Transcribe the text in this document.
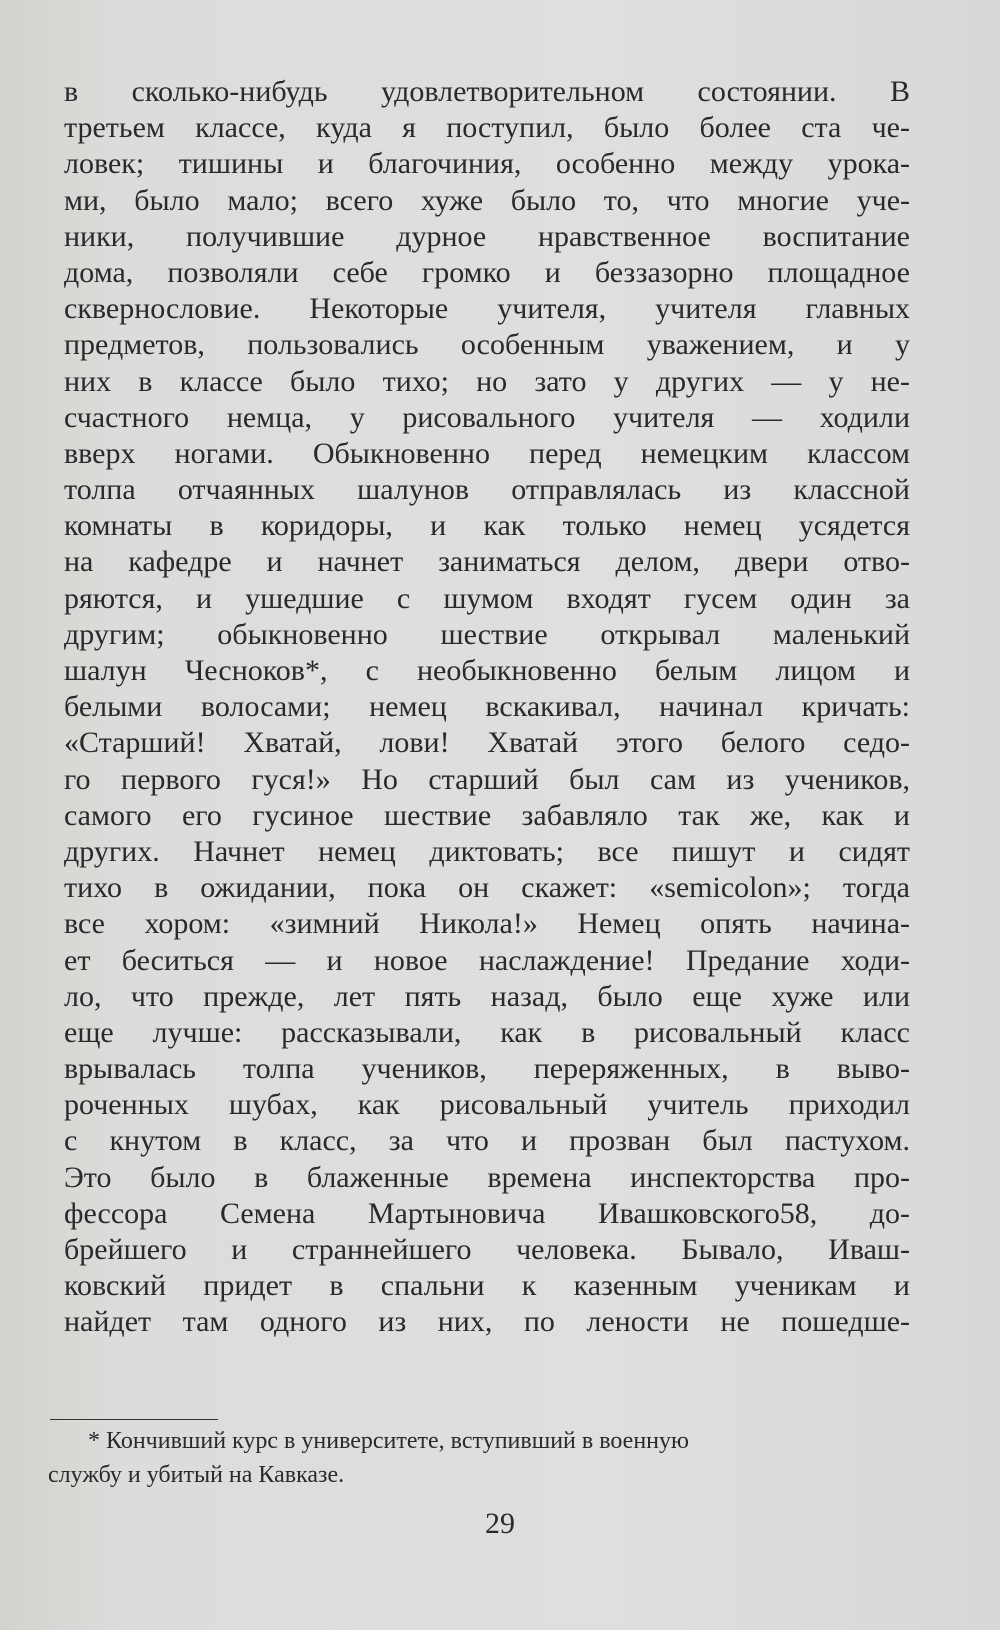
в сколько-нибудь удовлетворительном состоянии. В
третьем классе, куда я поступил, было более ста че-
ловек; тишины и благочиния, особенно между урока-
ми, было мало; всего хуже было то, что многие уче-
ники, получившие дурное нравственное воспитание
дома, позволяли себе громко и беззазорно площадное
сквернословие. Некоторые учителя, учителя главных
предметов, пользовались особенным уважением, и у
них в классе было тихо; но зато у других — у не-
счастного немца, у рисовального учителя — ходили
вверх ногами. Обыкновенно перед немецким классом
толпа отчаянных шалунов отправлялась из классной
комнаты в коридоры, и как только немец усядется
на кафедре и начнет заниматься делом, двери отво-
ряются, и ушедшие с шумом входят гусем один за
другим; обыкновенно шествие открывал маленький
шалун Чесноков*, с необыкновенно белым лицом и
белыми волосами; немец вскакивал, начинал кричать:
«Старший! Хватай, лови! Хватай этого белого седо-
го первого гуся!» Но старший был сам из учеников,
самого его гусиное шествие забавляло так же, как и
других. Начнет немец диктовать; все пишут и сидят
тихо в ожидании, пока он скажет: «semicolon»; тогда
все хором: «зимний Никола!» Немец опять начина-
ет беситься — и новое наслаждение! Предание ходи-
ло, что прежде, лет пять назад, было еще хуже или
еще лучше: рассказывали, как в рисовальный класс
врывалась толпа учеников, переряженных, в выво-
роченных шубах, как рисовальный учитель приходил
с кнутом в класс, за что и прозван был пастухом.
Это было в блаженные времена инспекторства про-
фессора Семена Мартыновича Ивашковского58, до-
брейшего и страннейшего человека. Бывало, Иваш-
ковский придет в спальни к казенным ученикам и
найдет там одного из них, по лености не пошедше-
* Кончивший курс в университете, вступивший в военную
службу и убитый на Кавказе.
29
